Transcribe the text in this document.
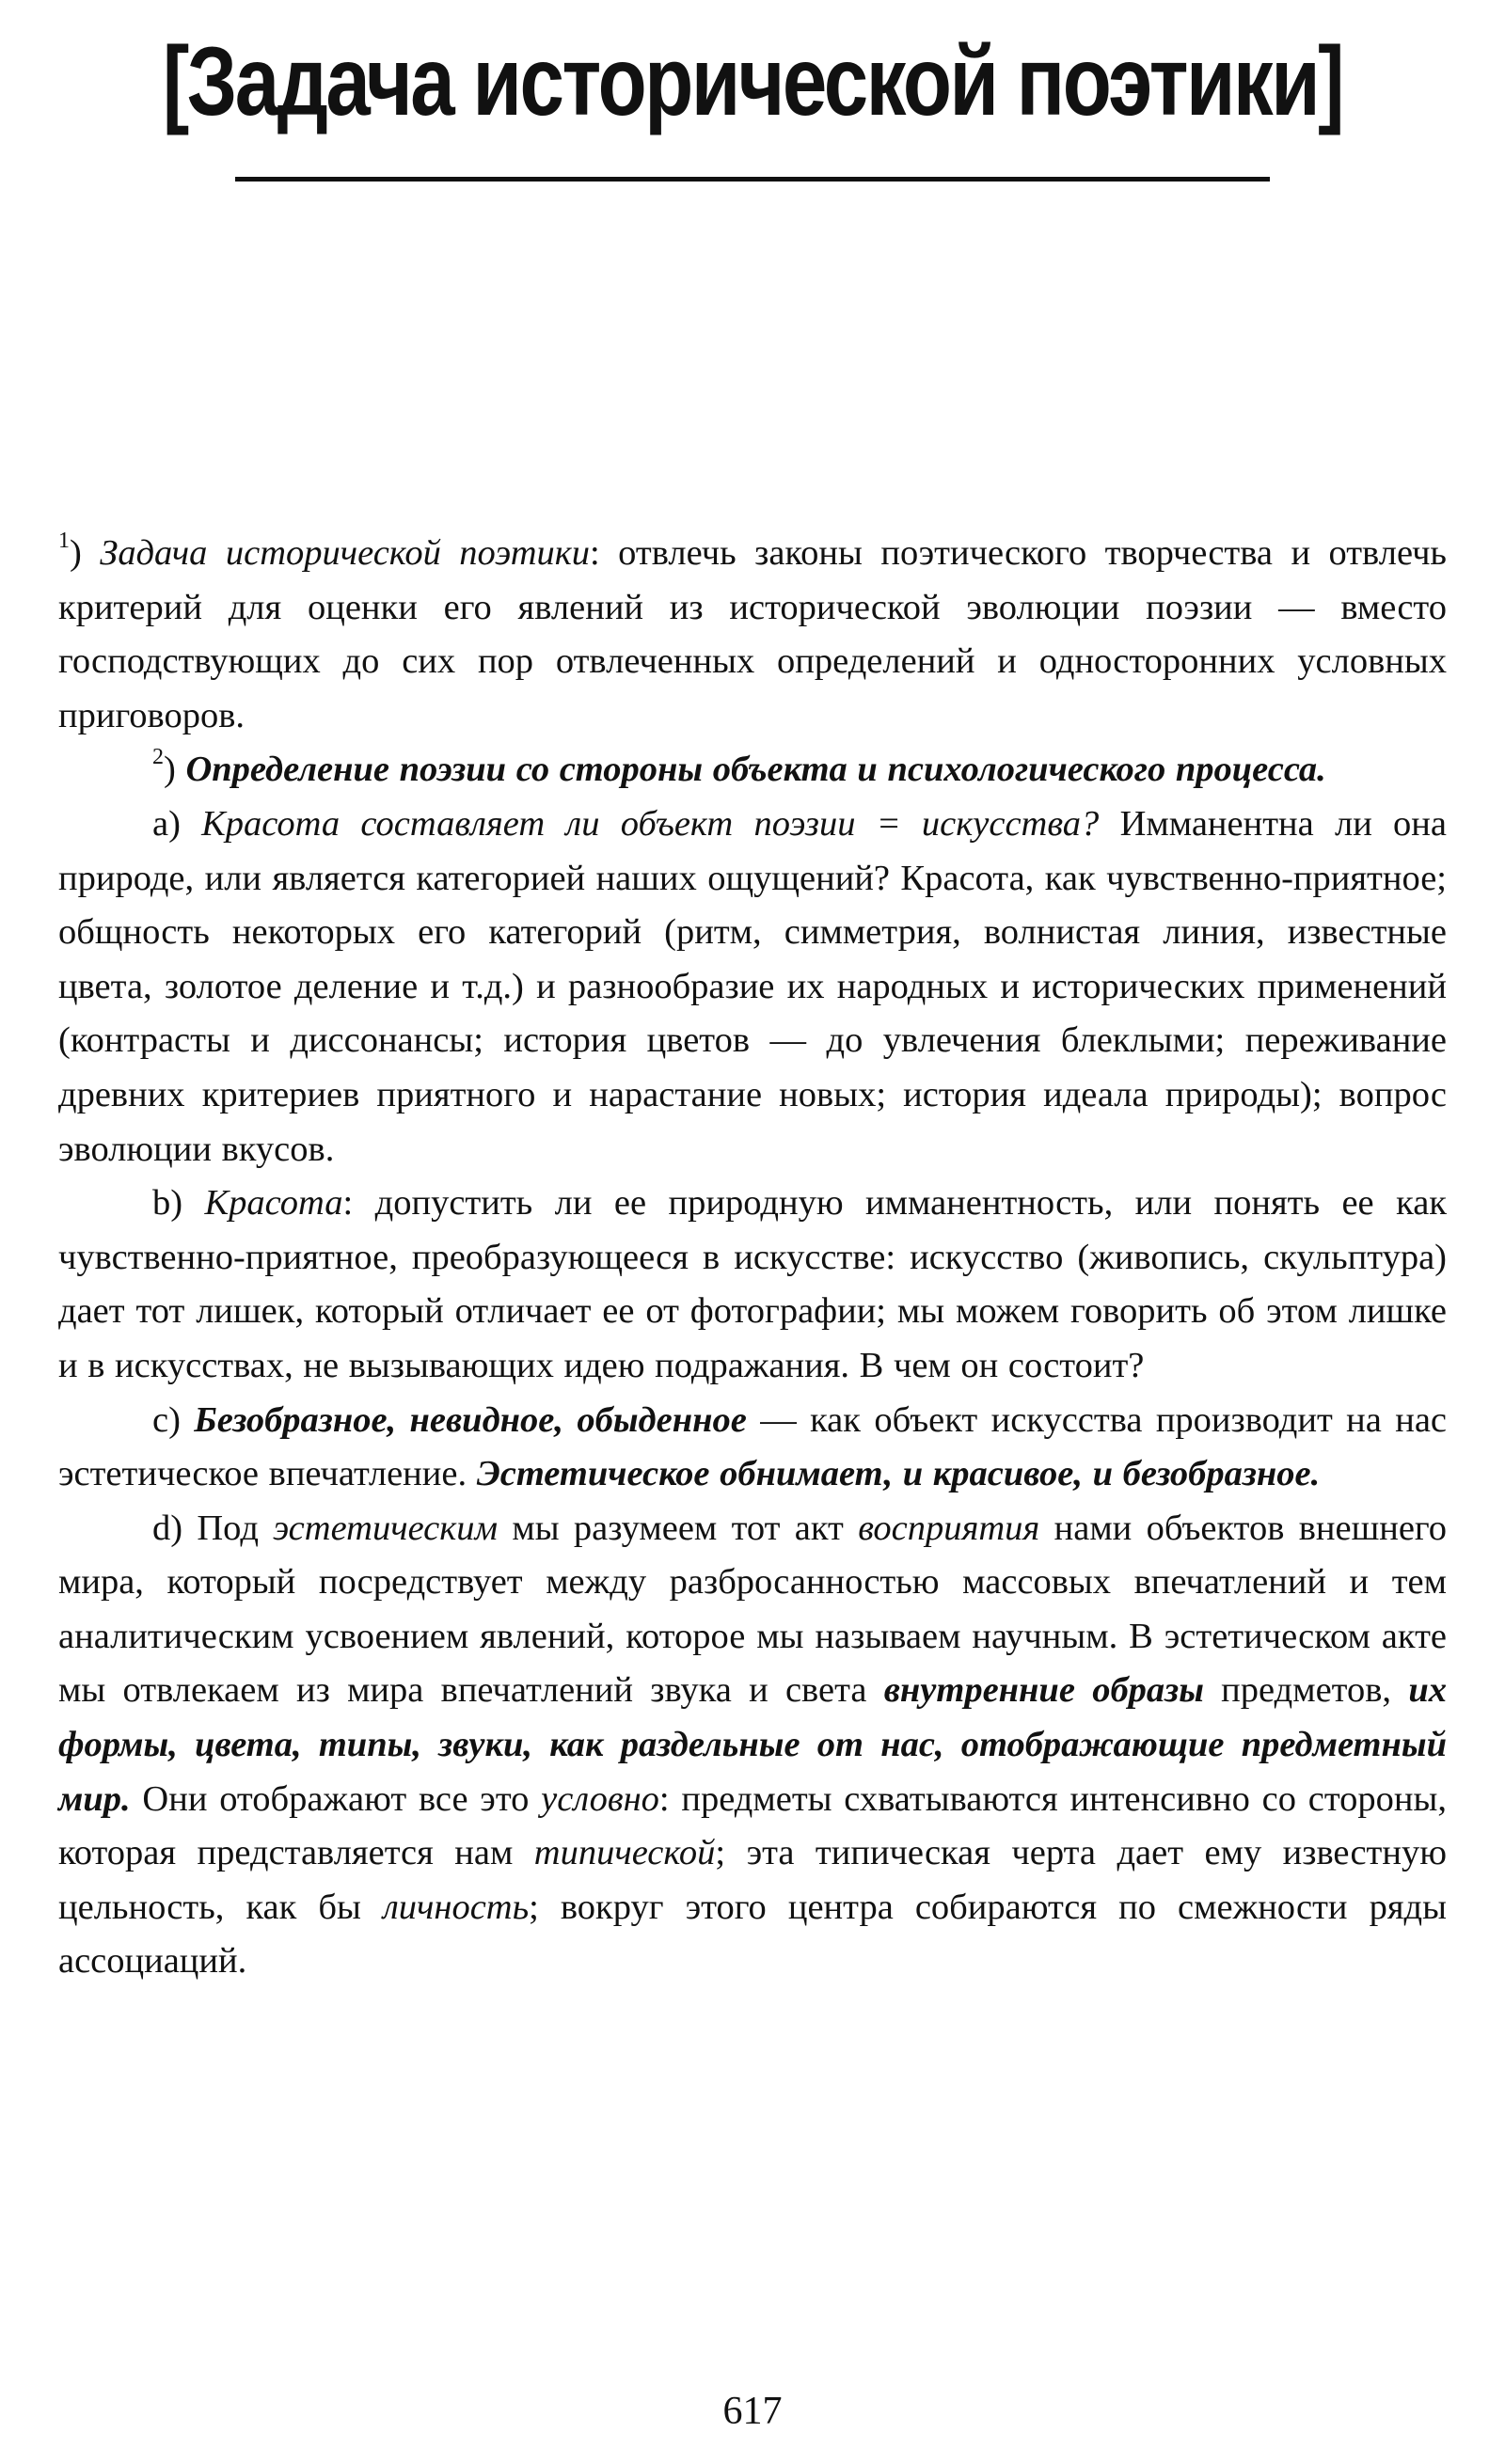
[Задача исторической поэтики]

$^1$) Задача исторической поэтики: отвлечь законы поэтического творчества и отвлечь критерий для оценки его явлений из исторической эволюции поэзии — вместо господствующих до сих пор отвлеченных определений и односторонних условных приговоров.

$^2$) Определение поэзии со стороны объекта и психологического процесса.

a) Красота составляет ли объект поэзии = искусства? Имманентна ли она природе, или является категорией наших ощущений? Красота, как чувственно-приятное; общность некоторых его категорий (ритм, симметрия, волнистая линия, известные цвета, золотое деление и т.д.) и разнообразие их народных и исторических применений (контрасты и диссонансы; история цветов — до увлечения блеклыми; переживание древних критериев приятного и нарастание новых; история идеала природы); вопрос эволюции вкусов.

b) Красота: допустить ли ее природную имманентность, или понять ее как чувственно-приятное, преобразующееся в искусстве: искусство (живопись, скульптура) дает тот лишек, который отличает ее от фотографии; мы можем говорить об этом лишке и в искусствах, не вызывающих идею подражания. В чем он состоит?

c) Безобразное, невидное, обыденное — как объект искусства производит на нас эстетическое впечатление. Эстетическое обнимает, и красивое, и безобразное.

d) Под эстетическим мы разумеем тот акт восприятия нами объектов внешнего мира, который посредствует между разбросанностью массовых впечатлений и тем аналитическим усвоением явлений, которое мы называем научным. В эстетическом акте мы отвлекаем из мира впечатлений звука и света внутренние образы предметов, их формы, цвета, типы, звуки, как раздельные от нас, отображающие предметный мир. Они отображают все это условно: предметы схватываются интенсивно со стороны, которая представляется нам типической; эта типическая черта дает ему известную цельность, как бы личность; вокруг этого центра собираются по смежности ряды ассоциаций.

617
